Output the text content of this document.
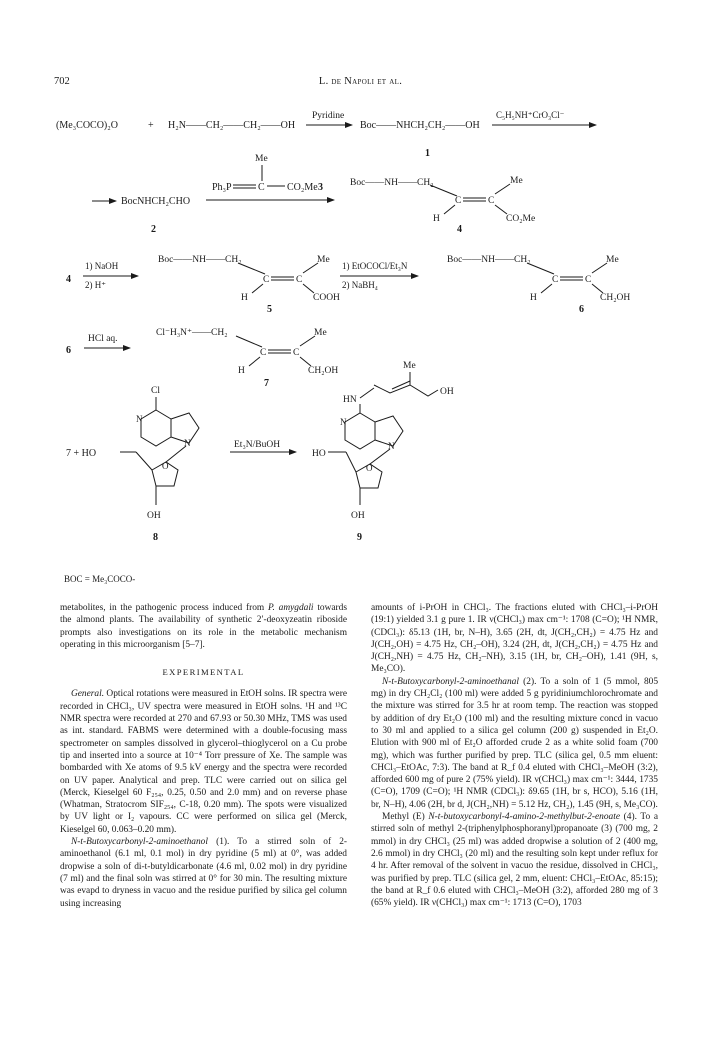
702	L. de Napoli et al.
(Me₃COCO)₂O	+ H₂N——CH₂——CH₂——OH
Pyridine
Boc——NHCH₂CH₂——OH
1
C₅H₅NH⁺CrO₃Cl⁻
BocNHCH₂CHO
2
Me
Ph₃P	C CO₂Me 3	Boc——NH——CH₂
C	C
Me
H	CO₂Me
4
4
1) NaOH
2) H⁺
Boc——NH——CH₂
C	C
Me
H	COOH
5
1) EtOCOCl/Et₃N
2) NaBH₄
Boc——NH——CH₂
C	C
Me
H	CH₂OH
6
6
HCl aq.
Cl⁻H₃N⁺——CH₂
C	C
Me
H	CH₂OH
7
7 + HO
Cl
N
N
O
OH
8
Et₃N/BuOH
HO
Me
OH
HN
N
N
O
OH
9
BOC = Me₃COCO-

metabolites, in the pathogenic process induced from P. amygdali towards the almond plants. The availability of synthetic 2′-deoxyzeatin riboside prompts also investigations on its role in the metabolic mechanism operating in this microorganism [5–7].

EXPERIMENTAL

General. Optical rotations were measured in EtOH solns. IR spectra were recorded in CHCl₃, UV spectra were measured in EtOH solns. ¹H and ¹³C NMR spectra were recorded at 270 and 67.93 or 50.30 MHz, TMS was used as int. standard. FABMS were determined with a double-focusing mass spectrometer on samples dissolved in glycerol–thioglycerol on a Cu probe tip and inserted into a source at 10⁻⁴ Torr pressure of Xe. The sample was bombarded with Xe atoms of 9.5 kV energy and the spectra were recorded on UV paper. Analytical and prep. TLC were carried out on silica gel (Merck, Kieselgel 60 F₂₅₄, 0.25, 0.50 and 2.0 mm) and on reverse phase (Whatman, Stratocrom SIF₂₅₄, C-18, 0.20 mm). The spots were visualized by UV light or I₂ vapours. CC were performed on silica gel (Merck, Kieselgel 60, 0.063–0.20 mm).

N-t-Butoxycarbonyl-2-aminoethanol (1). To a stirred soln of 2-aminoethanol (6.1 ml, 0.1 mol) in dry pyridine (5 ml) at 0°, was added dropwise a soln of di-t-butyldicarbonate (4.6 ml, 0.02 mol) in dry pyridine (7 ml) and the final soln was stirred at 0° for 30 min. The resulting mixture was evapd to dryness in vacuo and the residue purified by silica gel column using increasing

amounts of i-PrOH in CHCl₃. The fractions eluted with CHCl₃–i-PrOH (19:1) yielded 3.1 g pure 1. IR ν(CHCl₃) max cm⁻¹: 1708 (C=O); ¹H NMR, (CDCl₃): δ5.13 (1H, br, N–H), 3.65 (2H, dt, J(CH₂,CH₂) = 4.75 Hz and J(CH₂,OH) = 4.75 Hz, CH₂–OH), 3.24 (2H, dt, J(CH₂,CH₂) = 4.75 Hz and J(CH₂,NH) = 4.75 Hz, CH₂–NH), 3.15 (1H, br, CH₂–OH), 1.41 (9H, s, Me₃CO).

N-t-Butoxycarbonyl-2-aminoethanal (2). To a soln of 1 (5 mmol, 805 mg) in dry CH₂Cl₂ (100 ml) were added 5 g pyridiniumchlorochromate and the mixture was stirred for 3.5 hr at room temp. The reaction was stopped by addition of dry Et₂O (100 ml) and the resulting mixture concd in vacuo to 30 ml and applied to a silica gel column (200 g) suspended in Et₂O. Elution with 900 ml of Et₂O afforded crude 2 as a white solid foam (700 mg), which was further purified by prep. TLC (silica gel, 0.5 mm eluent: CHCl₃–EtOAc, 7:3). The band at R_f 0.4 eluted with CHCl₃–MeOH (3:2), afforded 600 mg of pure 2 (75% yield). IR ν(CHCl₃) max cm⁻¹: 3444, 1735 (C=O), 1709 (C=O); ¹H NMR (CDCl₃): δ9.65 (1H, br s, HCO), 5.16 (1H, br, N–H), 4.06 (2H, br d, J(CH₂,NH) = 5.12 Hz, CH₂), 1.45 (9H, s, Me₃CO).

Methyl (E) N-t-butoxycarbonyl-4-amino-2-methylbut-2-enoate (4). To a stirred soln of methyl 2-(triphenylphosphoranyl)propanoate (3) (700 mg, 2 mmol) in dry CHCl₃ (25 ml) was added dropwise a solution of 2 (400 mg, 2.6 mmol) in dry CHCl₃ (20 ml) and the resulting soln kept under reflux for 4 hr. After removal of the solvent in vacuo the residue, dissolved in CHCl₃, was purified by prep. TLC (silica gel, 2 mm, eluent: CHCl₃–EtOAc, 85:15); the band at R_f 0.6 eluted with CHCl₃–MeOH (3:2), afforded 280 mg of 3 (65% yield). IR ν(CHCl₃) max cm⁻¹: 1713 (C=O), 1703
